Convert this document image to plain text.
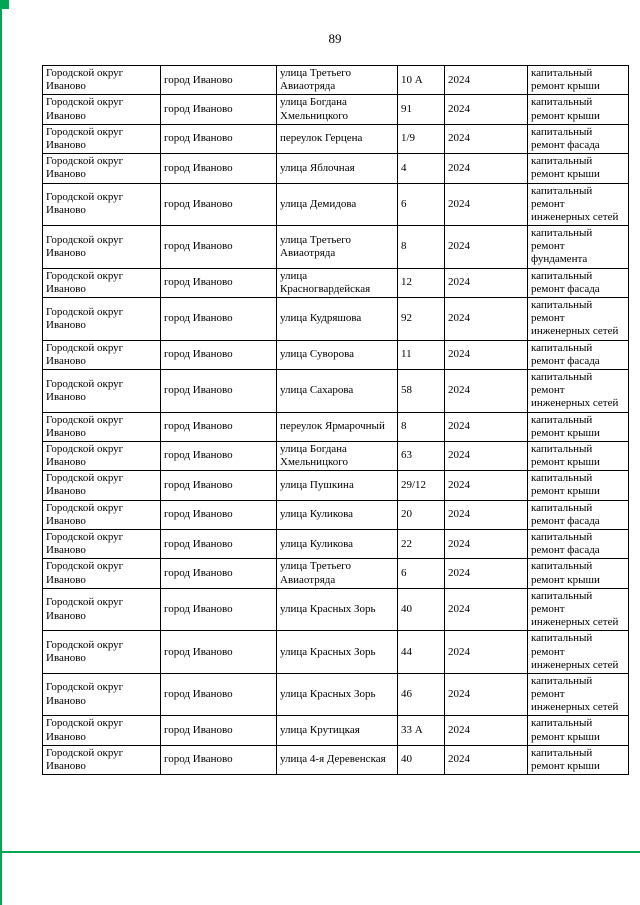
89
Городской округ Иваново	город Иваново	улица Третьего Авиаотряда	10 А	2024	капитальный ремонт крыши
Городской округ Иваново	город Иваново	улица Богдана Хмельницкого	91	2024	капитальный ремонт крыши
Городской округ Иваново	город Иваново	переулок Герцена	1/9	2024	капитальный ремонт фасада
Городской округ Иваново	город Иваново	улица Яблочная	4	2024	капитальный ремонт крыши
Городской округ Иваново	город Иваново	улица Демидова	6	2024	капитальный ремонт инженерных сетей
Городской округ Иваново	город Иваново	улица Третьего Авиаотряда	8	2024	капитальный ремонт фундамента
Городской округ Иваново	город Иваново	улица Красногвардейская	12	2024	капитальный ремонт фасада
Городской округ Иваново	город Иваново	улица Кудряшова	92	2024	капитальный ремонт инженерных сетей
Городской округ Иваново	город Иваново	улица Суворова	11	2024	капитальный ремонт фасада
Городской округ Иваново	город Иваново	улица Сахарова	58	2024	капитальный ремонт инженерных сетей
Городской округ Иваново	город Иваново	переулок Ярмарочный	8	2024	капитальный ремонт крыши
Городской округ Иваново	город Иваново	улица Богдана Хмельницкого	63	2024	капитальный ремонт крыши
Городской округ Иваново	город Иваново	улица Пушкина	29/12	2024	капитальный ремонт крыши
Городской округ Иваново	город Иваново	улица Куликова	20	2024	капитальный ремонт фасада
Городской округ Иваново	город Иваново	улица Куликова	22	2024	капитальный ремонт фасада
Городской округ Иваново	город Иваново	улица Третьего Авиаотряда	6	2024	капитальный ремонт крыши
Городской округ Иваново	город Иваново	улица Красных Зорь	40	2024	капитальный ремонт инженерных сетей
Городской округ Иваново	город Иваново	улица Красных Зорь	44	2024	капитальный ремонт инженерных сетей
Городской округ Иваново	город Иваново	улица Красных Зорь	46	2024	капитальный ремонт инженерных сетей
Городской округ Иваново	город Иваново	улица Крутицкая	33 А	2024	капитальный ремонт крыши
Городской округ Иваново	город Иваново	улица 4-я Деревенская	40	2024	капитальный ремонт крыши
